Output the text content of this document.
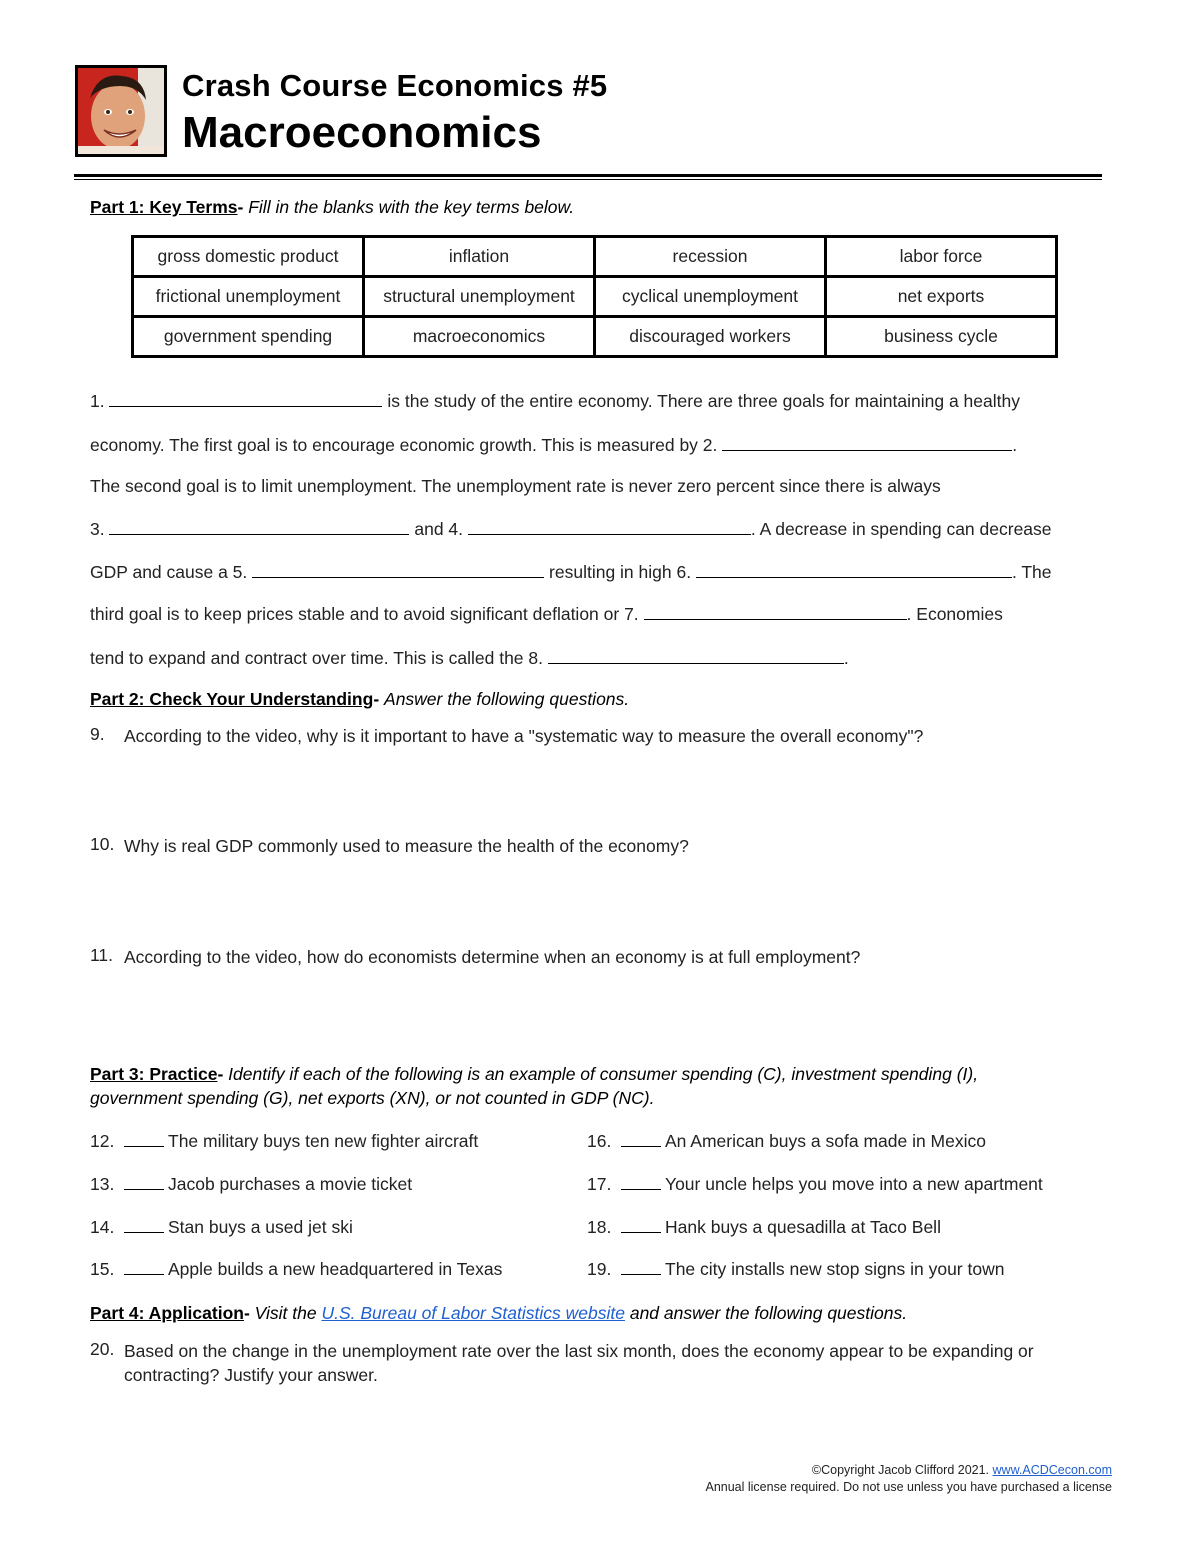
Crash Course Economics #5
Macroeconomics
Part 1: Key Terms- Fill in the blanks with the key terms below.
gross domestic product	inflation	recession	labor force
frictional unemployment	structural unemployment	cyclical unemployment	net exports
government spending	macroeconomics	discouraged workers	business cycle
1.	is the study of the entire economy. There are three goals for maintaining a healthy
economy. The first goal is to encourage economic growth. This is measured by 2.	.
The second goal is to limit unemployment. The unemployment rate is never zero percent since there is always
3.	and 4.	. A decrease in spending can decrease
GDP and cause a 5.	resulting in high 6.	. The
third goal is to keep prices stable and to avoid significant deflation or 7.	. Economies
tend to expand and contract over time. This is called the 8.	.
Part 2: Check Your Understanding- Answer the following questions.
9. According to the video, why is it important to have a "systematic way to measure the overall economy"?
10. Why is real GDP commonly used to measure the health of the economy?
11. According to the video, how do economists determine when an economy is at full employment?
Part 3: Practice- Identify if each of the following is an example of consumer spending (C), investment spending (I),
government spending (G), net exports (XN), or not counted in GDP (NC).
12.	The military buys ten new fighter aircraft
13.	Jacob purchases a movie ticket
14.	Stan buys a used jet ski
15.	Apple builds a new headquartered in Texas
16.	An American buys a sofa made in Mexico
17.	Your uncle helps you move into a new apartment
18.	Hank buys a quesadilla at Taco Bell
19.	The city installs new stop signs in your town
Part 4: Application- Visit the U.S. Bureau of Labor Statistics website and answer the following questions.
20. Based on the change in the unemployment rate over the last six month, does the economy appear to be expanding or contracting? Justify your answer.
©Copyright Jacob Clifford 2021. www.ACDCecon.com
Annual license required. Do not use unless you have purchased a license
